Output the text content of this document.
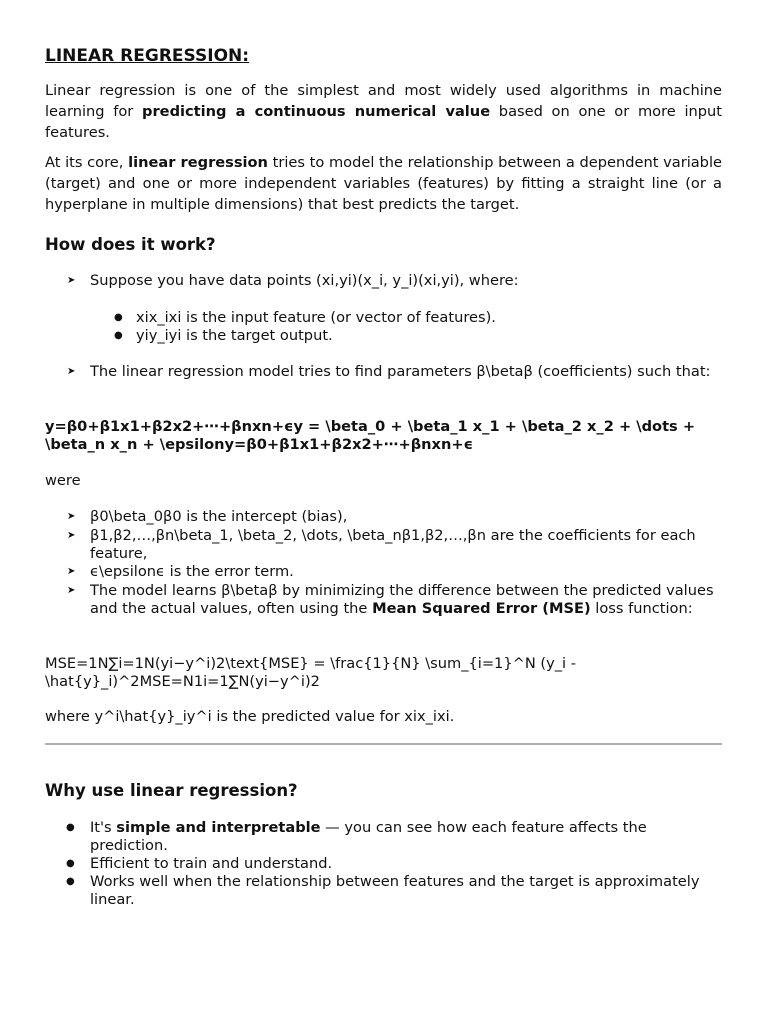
LINEAR REGRESSION:

Linear regression is one of the simplest and most widely used algorithms in machine learning for predicting a continuous numerical value based on one or more input features.

At its core, linear regression tries to model the relationship between a dependent variable (target) and one or more independent variables (features) by fitting a straight line (or a hyperplane in multiple dimensions) that best predicts the target.

How does it work?
➤ Suppose you have data points (xi,yi)(x_i, y_i)(xi,yi), where:

● xix_ixi is the input feature (or vector of features).

● yiy_iyi is the target output.

➤ The linear regression model tries to find parameters β\betaβ (coefficients) such that:

y=β0+β1x1+β2x2+⋯+βnxn+ϵy = \beta_0 + \beta_1 x_1 + \beta_2 x_2 + \dots + \beta_n x_n + \epsilony=β0+β1x1+β2x2+⋯+βnxn+ϵ

were

➤ β0\beta_0β0 is the intercept (bias),

➤ β1,β2,…,βn\beta_1, \beta_2, \dots, \beta_nβ1,β2,…,βn are the coefficients for each feature,

➤ ϵ\epsilonϵ is the error term.

➤ The model learns β\betaβ by minimizing the difference between the predicted values and the actual values, often using the Mean Squared Error (MSE) loss function:

MSE=1N∑i=1N(yi−y^i)2\text{MSE} = \frac{1}{N} \sum_{i=1}^N (y_i - \hat{y}_i)^2MSE=N1i=1∑N(yi−y^i)2

where y^i\hat{y}_iy^i is the predicted value for xix_ixi.

Why use linear regression?
● It's simple and interpretable — you can see how each feature affects the prediction.

● Efficient to train and understand.

● Works well when the relationship between features and the target is approximately linear.
